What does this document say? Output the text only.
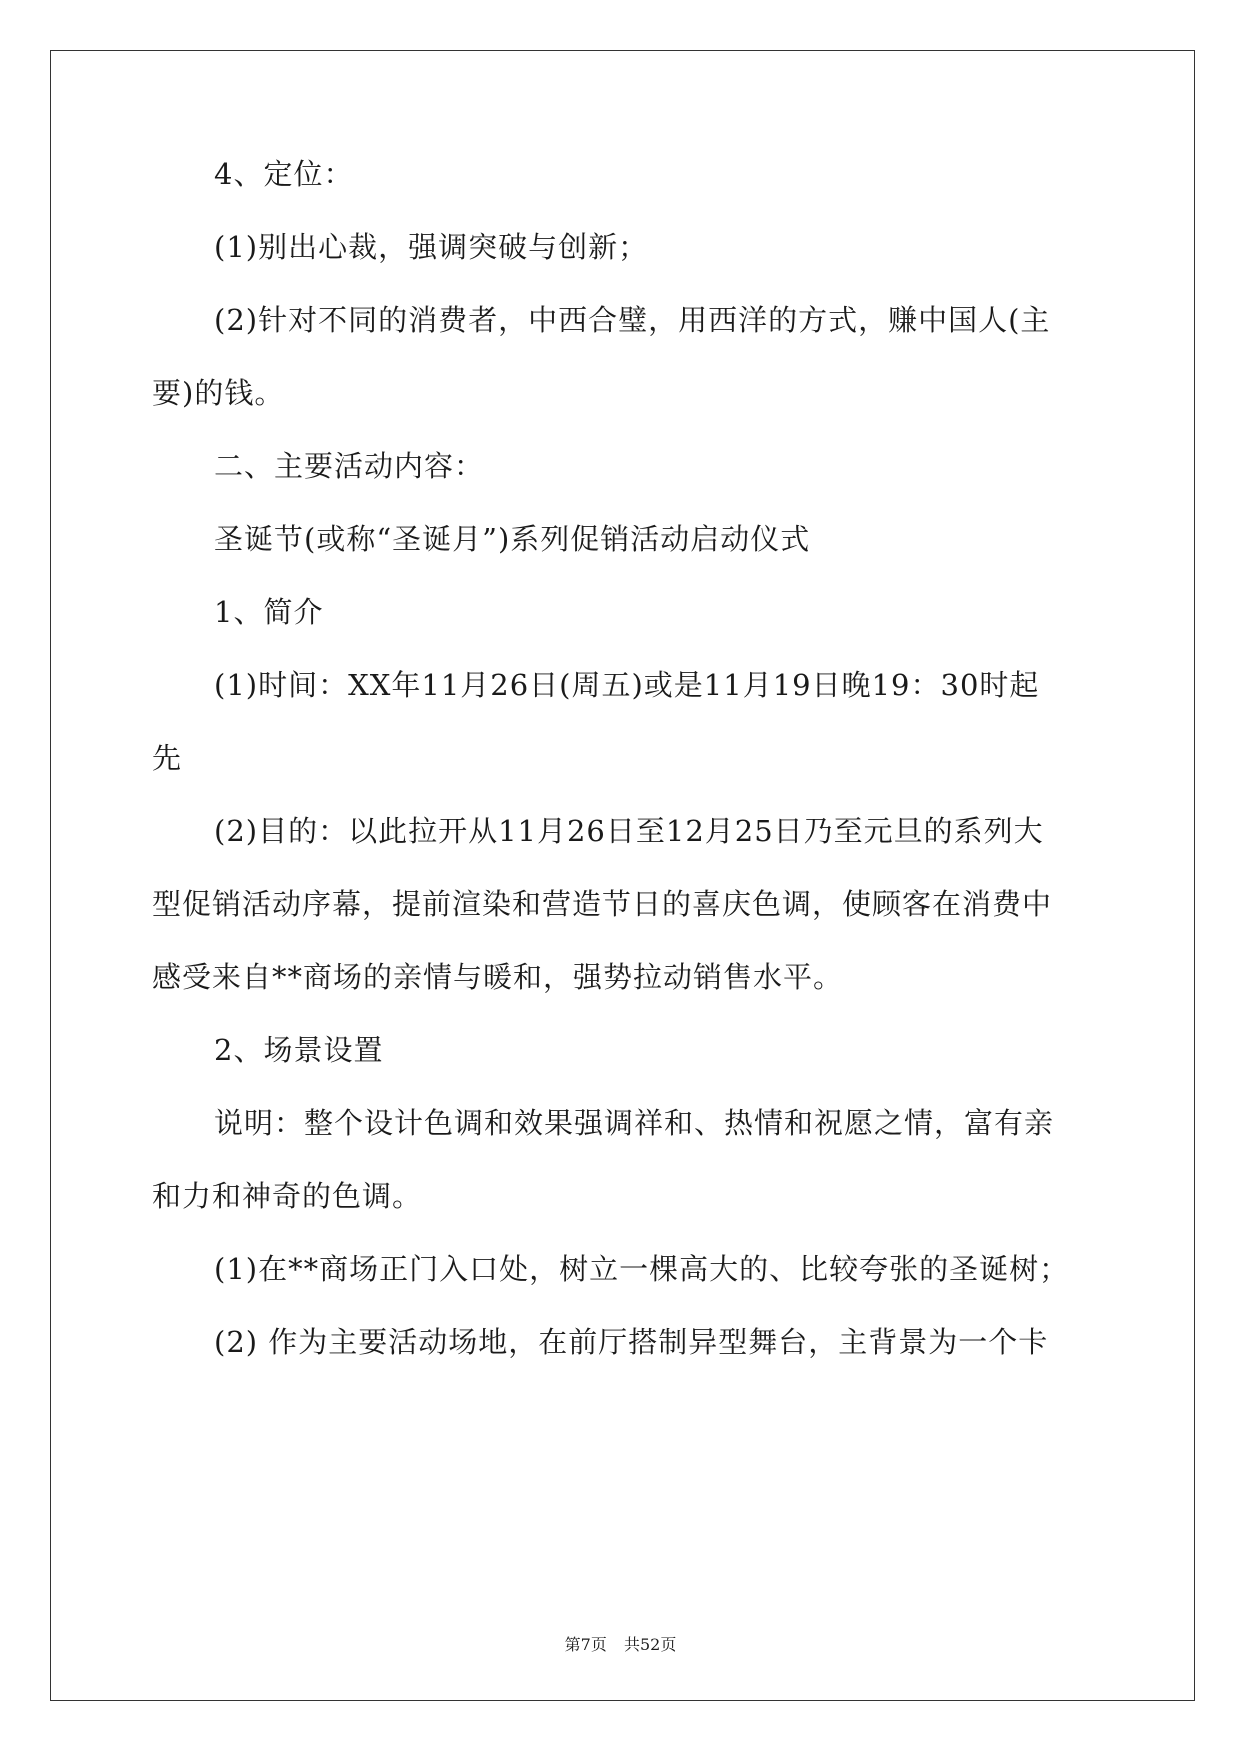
4、定位：
(1)别出心裁，强调突破与创新；
(2)针对不同的消费者，中西合璧，用西洋的方式，赚中国人(主
要)的钱。
二、主要活动内容：
圣诞节(或称“圣诞月”)系列促销活动启动仪式
1、简介
(1)时间：XX年11月26日(周五)或是11月19日晚19：30时起
先
(2)目的：以此拉开从11月26日至12月25日乃至元旦的系列大
型促销活动序幕，提前渲染和营造节日的喜庆色调，使顾客在消费中
感受来自**商场的亲情与暖和，强势拉动销售水平。
2、场景设置
说明：整个设计色调和效果强调祥和、热情和祝愿之情，富有亲
和力和神奇的色调。
(1)在**商场正门入口处，树立一棵高大的、比较夸张的圣诞树；
(2) 作为主要活动场地，在前厅搭制异型舞台，主背景为一个卡
第7页 共52页
